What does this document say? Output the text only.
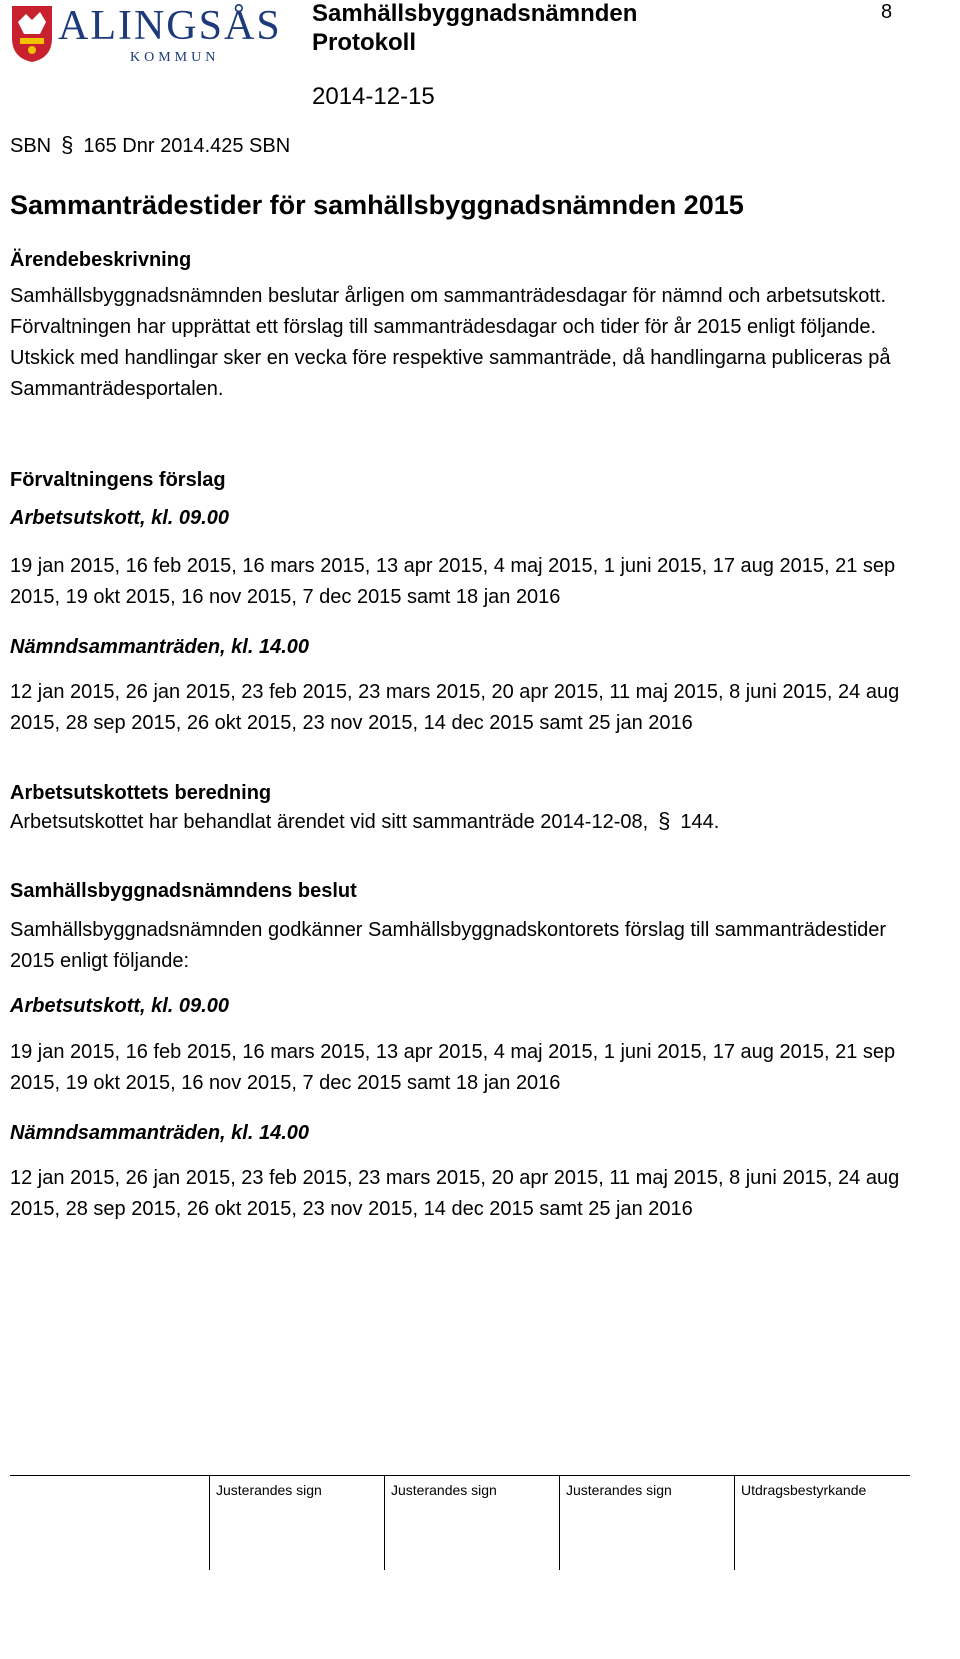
ALINGSÅS
KOMMUN
Samhällsbyggnadsnämnden
Protokoll
2014-12-15
8
SBN § 165 Dnr 2014.425 SBN
Sammanträdestider för samhällsbyggnadsnämnden 2015
Ärendebeskrivning
Samhällsbyggnadsnämnden beslutar årligen om sammanträdesdagar för nämnd och arbetsutskott. Förvaltningen har upprättat ett förslag till sammanträdesdagar och tider för år 2015 enligt följande. Utskick med handlingar sker en vecka före respektive sammanträde, då handlingarna publiceras på Sammanträdesportalen.
Förvaltningens förslag
Arbetsutskott, kl. 09.00
19 jan 2015, 16 feb 2015, 16 mars 2015, 13 apr 2015, 4 maj 2015, 1 juni 2015, 17 aug 2015, 21 sep 2015, 19 okt 2015, 16 nov 2015, 7 dec 2015 samt 18 jan 2016
Nämndsammanträden, kl. 14.00
12 jan 2015, 26 jan 2015, 23 feb 2015, 23 mars 2015, 20 apr 2015, 11 maj 2015, 8 juni 2015, 24 aug 2015, 28 sep 2015, 26 okt 2015, 23 nov 2015, 14 dec 2015 samt 25 jan 2016
Arbetsutskottets beredning
Arbetsutskottet har behandlat ärendet vid sitt sammanträde 2014-12-08, § 144.
Samhällsbyggnadsnämndens beslut
Samhällsbyggnadsnämnden godkänner Samhällsbyggnadskontorets förslag till sammanträdestider 2015 enligt följande:
Arbetsutskott, kl. 09.00
19 jan 2015, 16 feb 2015, 16 mars 2015, 13 apr 2015, 4 maj 2015, 1 juni 2015, 17 aug 2015, 21 sep 2015, 19 okt 2015, 16 nov 2015, 7 dec 2015 samt 18 jan 2016
Nämndsammanträden, kl. 14.00
12 jan 2015, 26 jan 2015, 23 feb 2015, 23 mars 2015, 20 apr 2015, 11 maj 2015, 8 juni 2015, 24 aug 2015, 28 sep 2015, 26 okt 2015, 23 nov 2015, 14 dec 2015 samt 25 jan 2016
Justerandes sign	Justerandes sign	Justerandes sign	Utdragsbestyrkande
